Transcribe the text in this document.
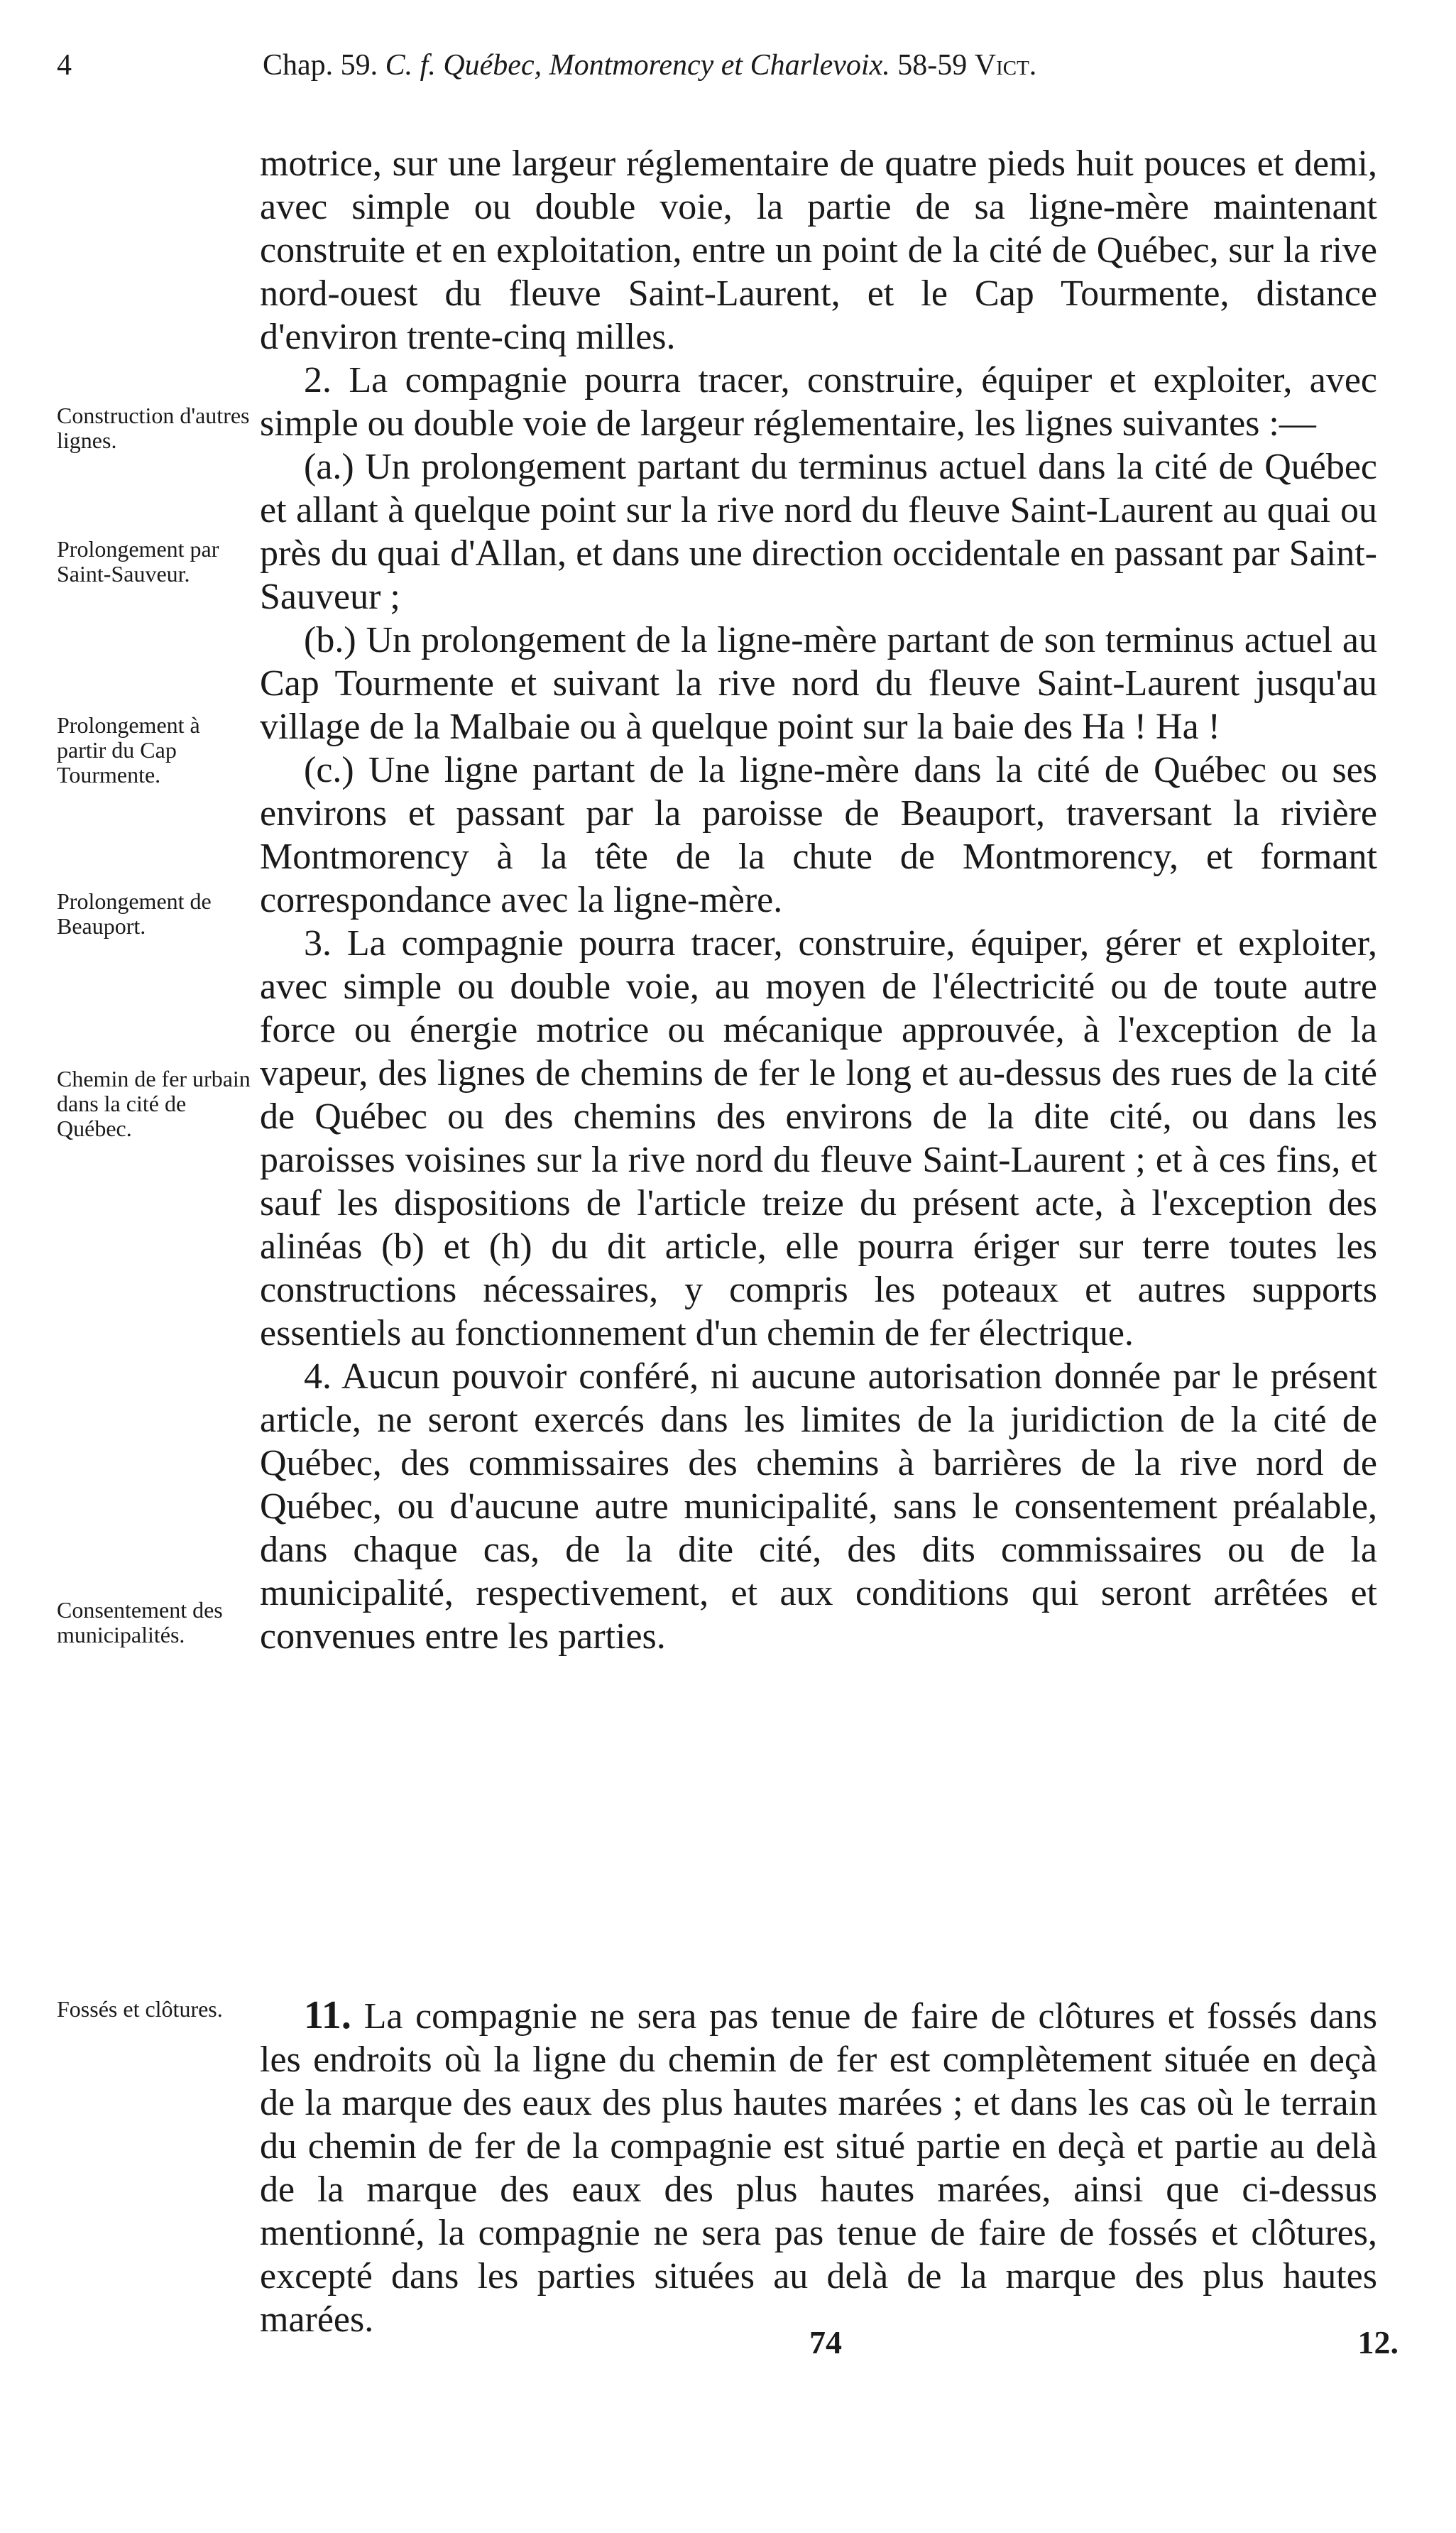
4	Chap. 59. C. f. Québec, Montmorency et Charlevoix. 58-59 Vict.
Construction d'autres lignes.
Prolongement par Saint-Sauveur.
Prolongement à partir du Cap Tourmente.
Prolongement de Beauport.
Chemin de fer urbain dans la cité de Québec.
Consentement des municipalités.
Fossés et clôtures.

motrice, sur une largeur réglementaire de quatre pieds huit pouces et demi, avec simple ou double voie, la partie de sa ligne-mère maintenant construite et en exploitation, entre un point de la cité de Québec, sur la rive nord-ouest du fleuve Saint-Laurent, et le Cap Tourmente, distance d'environ trente-cinq milles.

2. La compagnie pourra tracer, construire, équiper et exploiter, avec simple ou double voie de largeur réglementaire, les lignes suivantes :—

(a.) Un prolongement partant du terminus actuel dans la cité de Québec et allant à quelque point sur la rive nord du fleuve Saint-Laurent au quai ou près du quai d'Allan, et dans une direction occidentale en passant par Saint-Sauveur ;

(b.) Un prolongement de la ligne-mère partant de son terminus actuel au Cap Tourmente et suivant la rive nord du fleuve Saint-Laurent jusqu'au village de la Malbaie ou à quelque point sur la baie des Ha ! Ha !

(c.) Une ligne partant de la ligne-mère dans la cité de Québec ou ses environs et passant par la paroisse de Beauport, traversant la rivière Montmorency à la tête de la chute de Montmorency, et formant correspondance avec la ligne-mère.

3. La compagnie pourra tracer, construire, équiper, gérer et exploiter, avec simple ou double voie, au moyen de l'électricité ou de toute autre force ou énergie motrice ou mécanique approuvée, à l'exception de la vapeur, des lignes de chemins de fer le long et au-dessus des rues de la cité de Québec ou des chemins des environs de la dite cité, ou dans les paroisses voisines sur la rive nord du fleuve Saint-Laurent ; et à ces fins, et sauf les dispositions de l'article treize du présent acte, à l'exception des alinéas (b) et (h) du dit article, elle pourra ériger sur terre toutes les constructions nécessaires, y compris les poteaux et autres supports essentiels au fonctionnement d'un chemin de fer électrique.

4. Aucun pouvoir conféré, ni aucune autorisation donnée par le présent article, ne seront exercés dans les limites de la juridiction de la cité de Québec, des commissaires des chemins à barrières de la rive nord de Québec, ou d'aucune autre municipalité, sans le consentement préalable, dans chaque cas, de la dite cité, des dits commissaires ou de la municipalité, respectivement, et aux conditions qui seront arrêtées et convenues entre les parties.

11. La compagnie ne sera pas tenue de faire de clôtures et fossés dans les endroits où la ligne du chemin de fer est complètement située en deçà de la marque des eaux des plus hautes marées ; et dans les cas où le terrain du chemin de fer de la compagnie est situé partie en deçà et partie au delà de la marque des eaux des plus hautes marées, ainsi que ci-dessus mentionné, la compagnie ne sera pas tenue de faire de fossés et clôtures, excepté dans les parties situées au delà de la marque des plus hautes marées.

74	12.
